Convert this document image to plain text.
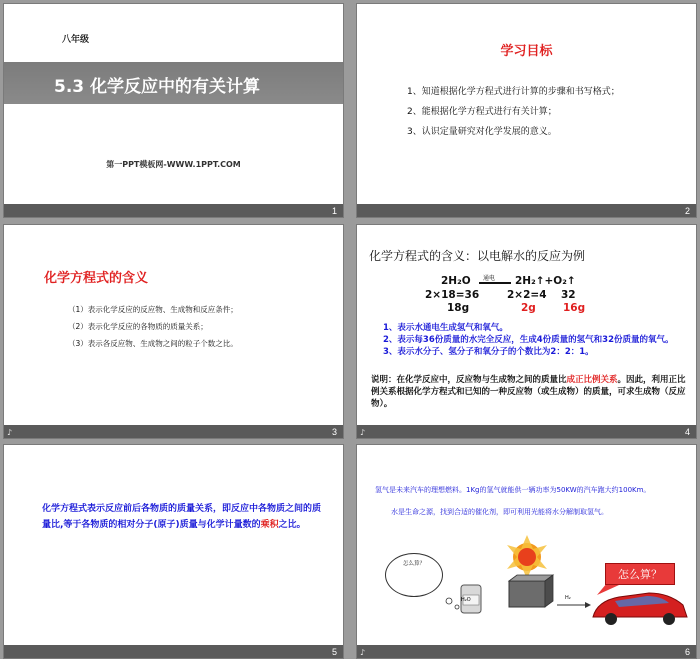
八年级
5.3 化学反应中的有关计算
第一PPT模板网-WWW.1PPT.COM
1
学习目标
1、知道根据化学方程式进行计算的步骤和书写格式；
2、能根据化学方程式进行有关计算；
3、认识定量研究对化学发展的意义。
2
化学方程式的含义
（1）表示化学反应的反应物、生成物和反应条件；
（2）表示化学反应的各物质的质量关系；
（3）表示各反应物、生成物之间的粒子个数之比。
♪	3
化学方程式的含义：以电解水的反应为例
2H₂O 通电 2H₂↑+O₂↑
2×18=36	2×2=4 32
18g	2g	16g
1、表示水通电生成氢气和氧气。
2、表示每36份质量的水完全反应，生成4份质量的氢气和32份质量的氧气。
3、表示水分子、氢分子和氧分子的个数比为2：2：1。
说明：在化学反应中，反应物与生成物之间的质量比成正比例关系。因此，利用正比例关系根据化学方程式和已知的一种反应物（或生成物）的质量，可求生成物（反应物）。
♪	4
化学方程式表示反应前后各物质的质量关系，即反应中各物质之间的质量比,等于各物质的相对分子(原子)质量与化学计量数的乘积之比。
5
氢气是未来汽车的理想燃料。1Kg的氢气就能供一辆功率为50KW的汽车跑大约100Km。
水是生命之源，找到合适的催化剂，即可利用光能将水分解制取氢气。
怎么算？
H₂O	H₂
怎么算？
♪	6
